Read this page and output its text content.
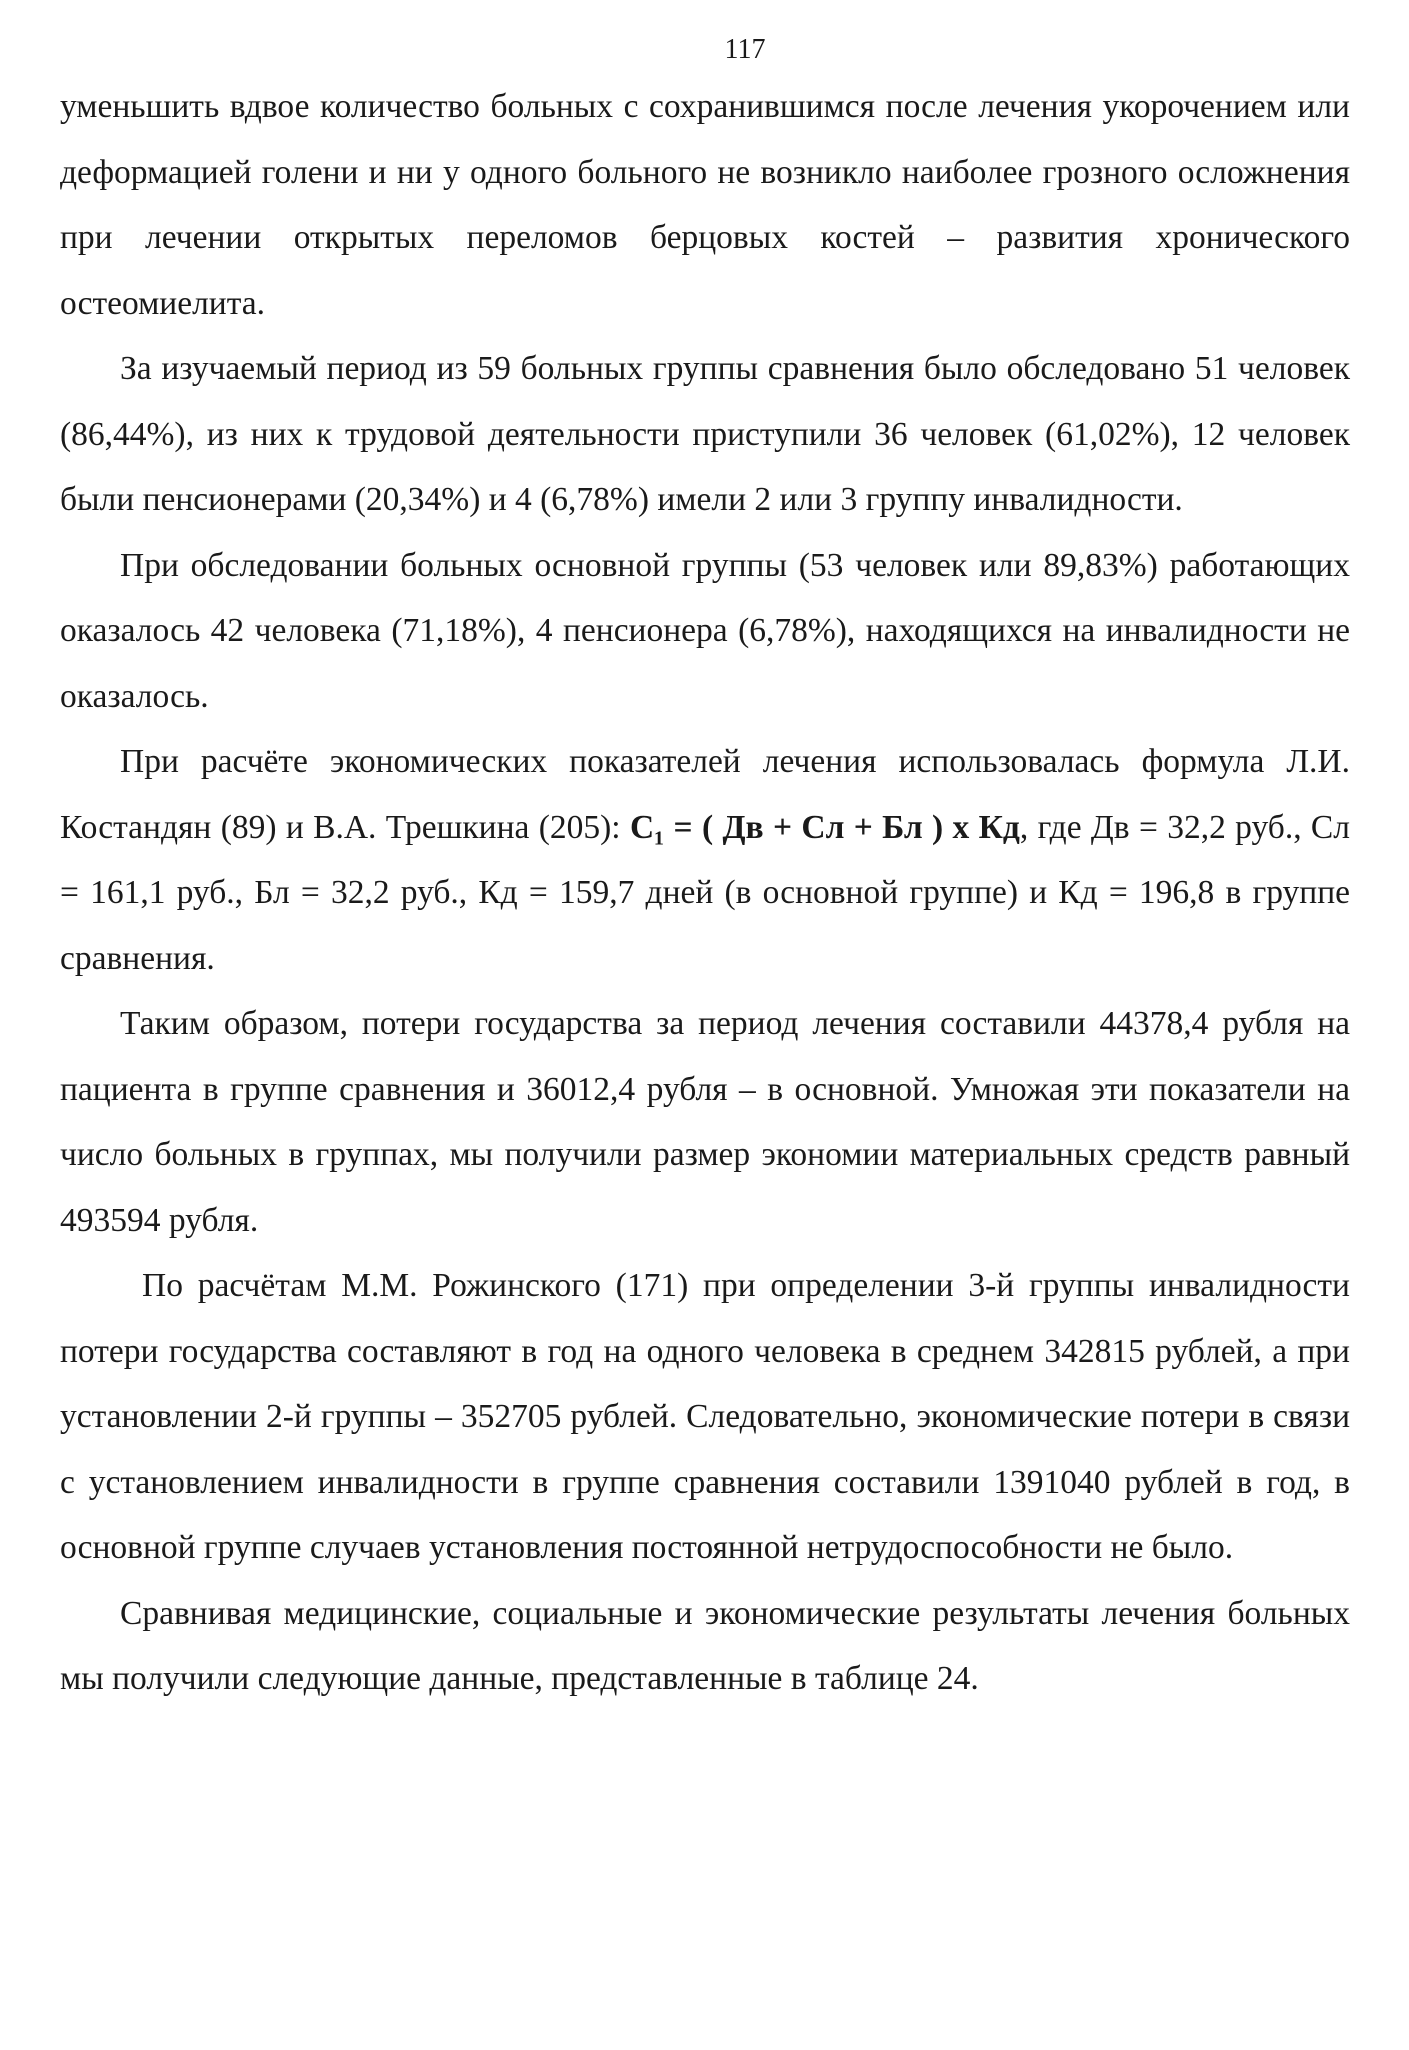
117

уменьшить вдвое количество больных с сохранившимся после лечения укорочением или деформацией голени и ни у одного больного не возникло наиболее грозного осложнения при лечении открытых переломов берцовых костей – развития хронического остеомиелита.

За изучаемый период из 59 больных группы сравнения было обследовано 51 человек (86,44%), из них к трудовой деятельности приступили 36 человек (61,02%), 12 человек были пенсионерами (20,34%) и 4 (6,78%) имели 2 или 3 группу инвалидности.

При обследовании больных основной группы (53 человек или 89,83%) работающих оказалось 42 человека (71,18%), 4 пенсионера (6,78%), находящихся на инвалидности не оказалось.

При расчёте экономических показателей лечения использовалась формула Л.И. Костандян (89) и В.А. Трешкина (205): С₁ = ( Дв + Сл + Бл ) х Кд, где Дв = 32,2 руб., Сл = 161,1 руб., Бл = 32,2 руб., Кд = 159,7 дней (в основной группе) и Кд = 196,8 в группе сравнения.

Таким образом, потери государства за период лечения составили 44378,4 рубля на пациента в группе сравнения и 36012,4 рубля – в основной. Умножая эти показатели на число больных в группах, мы получили размер экономии материальных средств равный 493594 рубля.

По расчётам М.М. Рожинского (171) при определении 3-й группы инвалидности потери государства составляют в год на одного человека в среднем 342815 рублей, а при установлении 2-й группы – 352705 рублей. Следовательно, экономические потери в связи с установлением инвалидности в группе сравнения составили 1391040 рублей в год, в основной группе случаев установления постоянной нетрудоспособности не было.

Сравнивая медицинские, социальные и экономические результаты лечения больных мы получили следующие данные, представленные в таблице 24.
